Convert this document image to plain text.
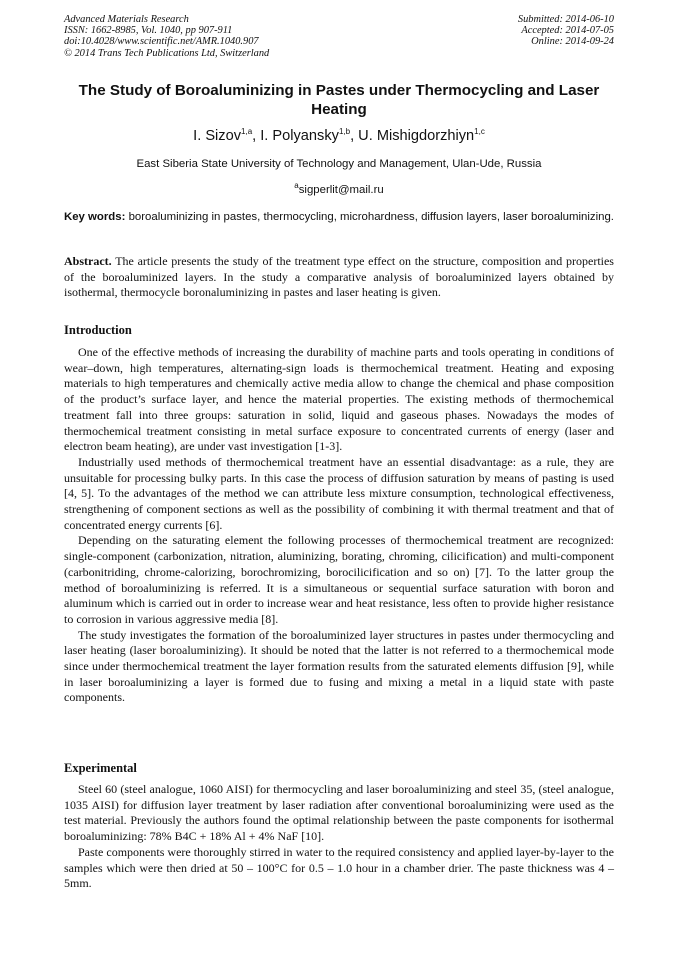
Advanced Materials Research
ISSN: 1662-8985, Vol. 1040, pp 907-911
doi:10.4028/www.scientific.net/AMR.1040.907
© 2014 Trans Tech Publications Ltd, Switzerland
Submitted: 2014-06-10
Accepted: 2014-07-05
Online: 2014-09-24
The Study of Boroaluminizing in Pastes under Thermocycling and Laser Heating
I. Sizov$^{1,a}$, I. Polyansky$^{1,b}$, U. Mishigdorzhiyn$^{1,c}$
East Siberia State University of Technology and Management, Ulan-Ude, Russia
$^a$sigperlit@mail.ru
Key words: boroaluminizing in pastes, thermocycling, microhardness, diffusion layers, laser boroaluminizing.
Abstract. The article presents the study of the treatment type effect on the structure, composition and properties of the boroaluminized layers. In the study a comparative analysis of boroaluminized layers obtained by isothermal, thermocycle boronaluminizing in pastes and laser heating is given.
Introduction

One of the effective methods of increasing the durability of machine parts and tools operating in conditions of wear–down, high temperatures, alternating-sign loads is thermochemical treatment. Heating and exposing materials to high temperatures and chemically active media allow to change the chemical and phase composition of the product’s surface layer, and hence the material properties. The existing methods of thermochemical treatment fall into three groups: saturation in solid, liquid and gaseous phases. Nowadays the modes of thermochemical treatment consisting in metal surface exposure to concentrated currents of energy (laser and electron beam heating), are under vast investigation [1-3].

Industrially used methods of thermochemical treatment have an essential disadvantage: as a rule, they are unsuitable for processing bulky parts. In this case the process of diffusion saturation by means of pasting is used [4, 5]. To the advantages of the method we can attribute less mixture consumption, technological effectiveness, strengthening of component sections as well as the possibility of combining it with thermal treatment and that of concentrated energy currents [6].

Depending on the saturating element the following processes of thermochemical treatment are recognized: single-component (carbonization, nitration, aluminizing, borating, chroming, cilicification) and multi-component (carbonitriding, chrome-calorizing, borochromizing, borocilicification and so on) [7]. To the latter group the method of boroaluminizing is referred. It is a simultaneous or sequential surface saturation with boron and aluminum which is carried out in order to increase wear and heat resistance, less often to provide higher resistance to corrosion in various aggressive media [8].

The study investigates the formation of the boroaluminized layer structures in pastes under thermocycling and laser heating (laser boroaluminizing). It should be noted that the latter is not referred to a thermochemical mode since under thermochemical treatment the layer formation results from the saturated elements diffusion [9], while in laser boroaluminizing a layer is formed due to fusing and mixing a metal in a liquid state with paste components.

Experimental

Steel 60 (steel analogue, 1060 AISI) for thermocycling and laser boroaluminizing and steel 35, (steel analogue, 1035 AISI) for diffusion layer treatment by laser radiation after conventional boroaluminizing were used as the test material. Previously the authors found the optimal relationship between the paste components for isothermal boroaluminizing: 78% B4C + 18% Al + 4% NaF [10].

Paste components were thoroughly stirred in water to the required consistency and applied layer-by-layer to the samples which were then dried at 50 – 100°C for 0.5 – 1.0 hour in a chamber drier. The paste thickness was 4 – 5mm.
